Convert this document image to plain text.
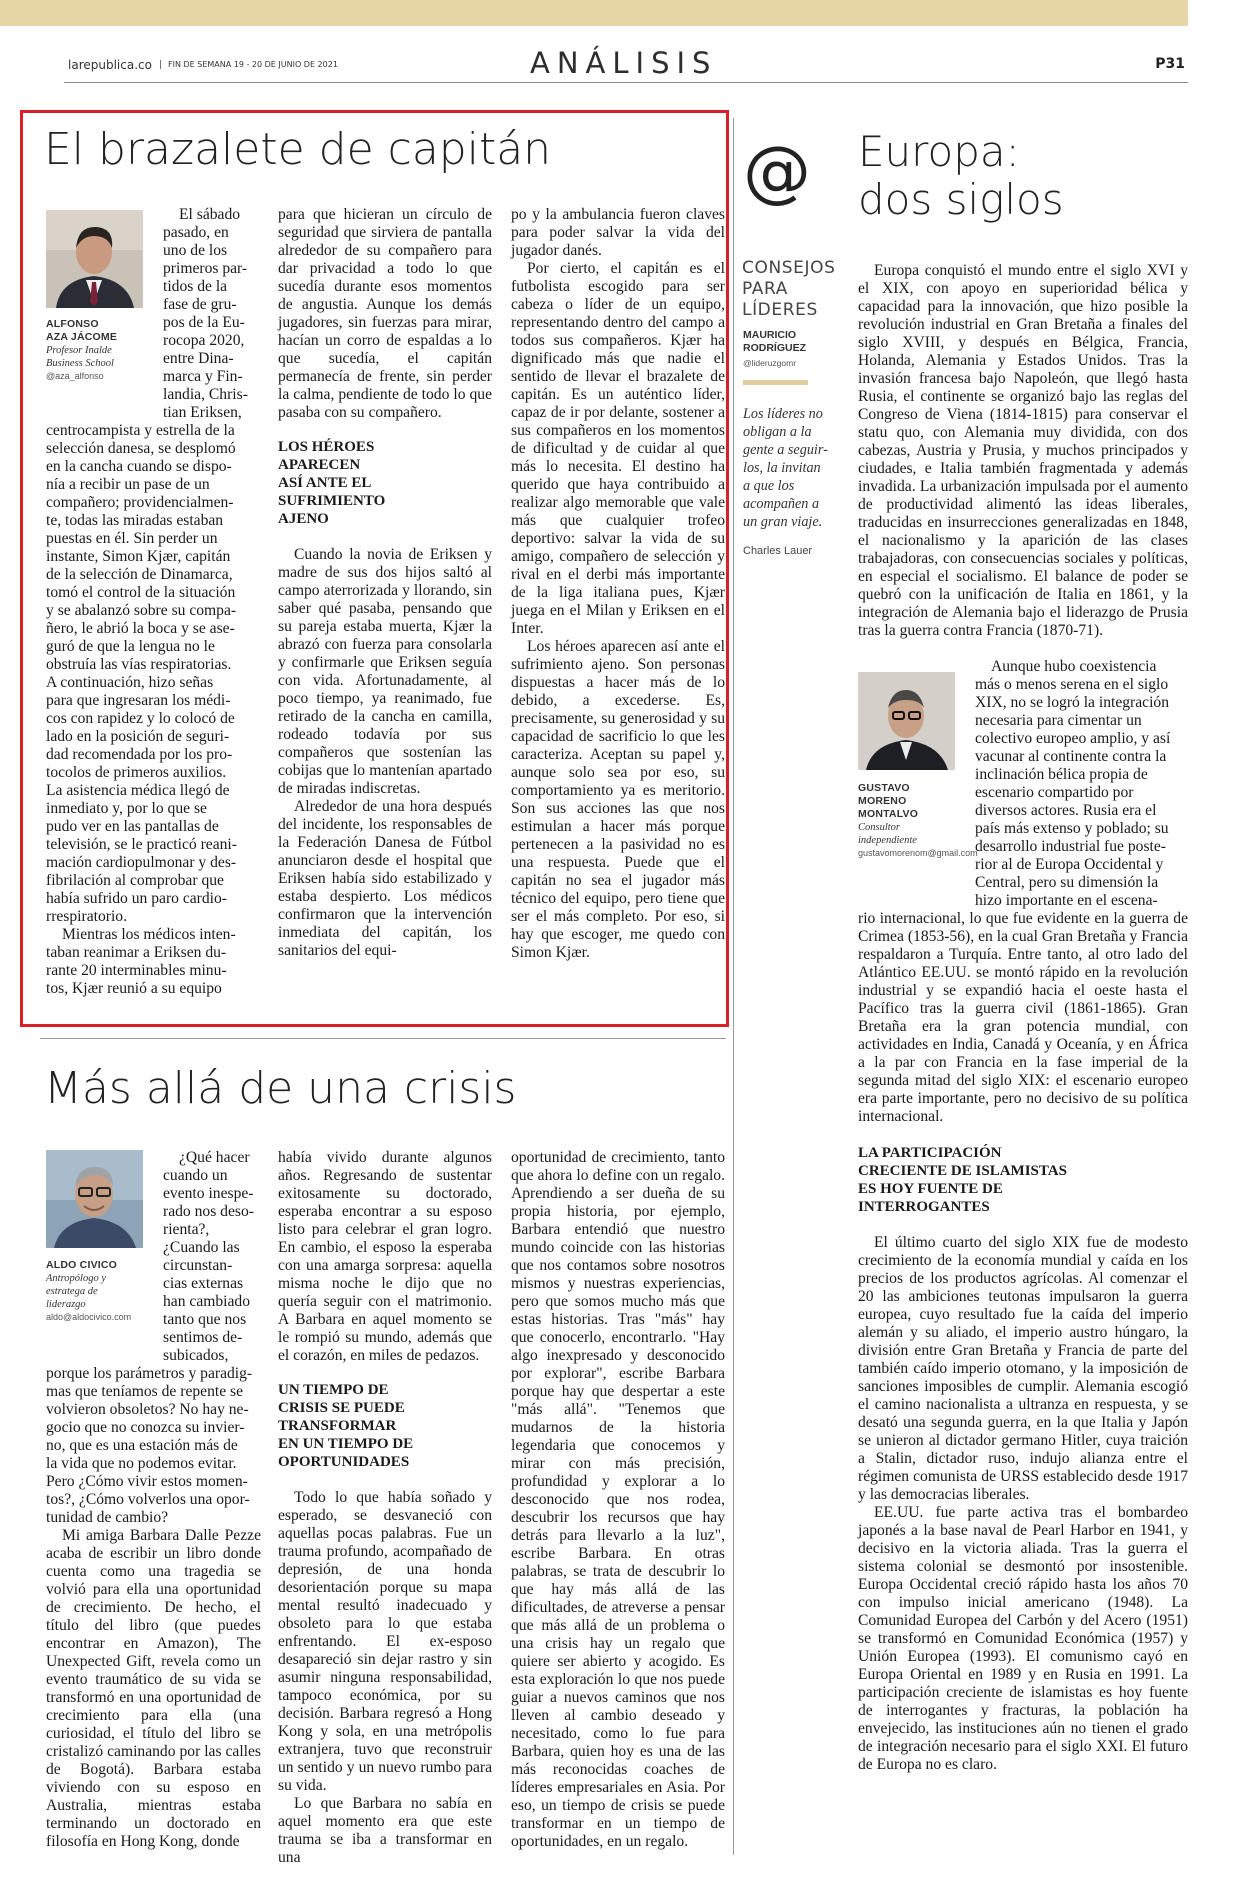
larepublica.co	FIN DE SEMANA 19 - 20 DE JUNIO DE 2021	ANÁLISIS	P31
El brazalete de capitán
ALFONSO
AZA JÁCOME
Profesor Inalde
Business School
@aza_alfonso

El sábado

pasado, en

uno de los

primeros par-

tidos de la

fase de gru-

pos de la Eu-

rocopa 2020,

entre Dina-

marca y Fin-

landia, Chris-

tian Eriksen,

centrocampista y estrella de la

selección danesa, se desplomó

en la cancha cuando se dispo-

nía a recibir un pase de un

compañero; providencialmen-

te, todas las miradas estaban

puestas en él. Sin perder un

instante, Simon Kjær, capitán

de la selección de Dinamarca,

tomó el control de la situación

y se abalanzó sobre su compa-

ñero, le abrió la boca y se ase-

guró de que la lengua no le

obstruía las vías respiratorias.

A continuación, hizo señas

para que ingresaran los médi-

cos con rapidez y lo colocó de

lado en la posición de seguri-

dad recomendada por los pro-

tocolos de primeros auxilios.

La asistencia médica llegó de

inmediato y, por lo que se

pudo ver en las pantallas de

televisión, se le practicó reani-

mación cardiopulmonar y des-

fibrilación al comprobar que

había sufrido un paro cardio-

rrespiratorio.

Mientras los médicos inten-

taban reanimar a Eriksen du-

rante 20 interminables minu-

tos, Kjær reunió a su equipo

para que hicieran un círculo de seguridad que sirviera de pantalla alrededor de su compañero para dar privacidad a todo lo que sucedía durante esos momentos de angustia. Aunque los demás jugadores, sin fuerzas para mirar, hacían un corro de espaldas a lo que sucedía, el capitán permanecía de frente, sin perder la calma, pendiente de todo lo que pasaba con su compañero.

LOS HÉROES
APARECEN
ASÍ ANTE EL
SUFRIMIENTO
AJENO

Cuando la novia de Eriksen y madre de sus dos hijos saltó al campo aterrorizada y llorando, sin saber qué pasaba, pensando que su pareja estaba muerta, Kjær la abrazó con fuerza para consolarla y confirmarle que Eriksen seguía con vida. Afortunadamente, al poco tiempo, ya reanimado, fue retirado de la cancha en camilla, rodeado todavía por sus compañeros que sostenían las cobijas que lo mantenían apartado de miradas indiscretas.

Alrededor de una hora después del incidente, los responsables de la Federación Danesa de Fútbol anunciaron desde el hospital que Eriksen había sido estabilizado y estaba despierto. Los médicos confirmaron que la intervención inmediata del capitán, los sanitarios del equi-

po y la ambulancia fueron claves para poder salvar la vida del jugador danés.

Por cierto, el capitán es el futbolista escogido para ser cabeza o líder de un equipo, representando dentro del campo a todos sus compañeros. Kjær ha dignificado más que nadie el sentido de llevar el brazalete de capitán. Es un auténtico líder, capaz de ir por delante, sostener a sus compañeros en los momentos de dificultad y de cuidar al que más lo necesita. El destino ha querido que haya contribuido a realizar algo memorable que vale más que cualquier trofeo deportivo: salvar la vida de su amigo, compañero de selección y rival en el derbi más importante de la liga italiana pues, Kjær juega en el Milan y Eriksen en el Inter.

Los héroes aparecen así ante el sufrimiento ajeno. Son personas dispuestas a hacer más de lo debido, a excederse. Es, precisamente, su generosidad y su capacidad de sacrificio lo que les caracteriza. Aceptan su papel y, aunque solo sea por eso, su comportamiento ya es meritorio. Son sus acciones las que nos estimulan a hacer más porque pertenecen a la pasividad no es una respuesta. Puede que el capitán no sea el jugador más técnico del equipo, pero tiene que ser el más completo. Por eso, si hay que escoger, me quedo con Simon Kjær.

@
CONSEJOS
PARA
LÍDERES
MAURICIO
RODRÍGUEZ
@lideruzgomr
Los líderes no
obligan a la
gente a seguir-
los, la invitan
a que los
acompañen a
un gran viaje.
Charles Lauer
Más allá de una crisis
ALDO CIVICO
Antropólogo y
estratega de
liderazgo
aldo@aldocivico.com

¿Qué hacer

cuando un

evento inespe-

rado nos deso-

rienta?,

¿Cuando las

circunstan-

cias externas

han cambiado

tanto que nos

sentimos de-

subicados,

porque los parámetros y paradig-

mas que teníamos de repente se

volvieron obsoletos? No hay ne-

gocio que no conozca su invier-

no, que es una estación más de

la vida que no podemos evitar.

Pero ¿Cómo vivir estos momen-

tos?, ¿Cómo volverlos una opor-

tunidad de cambio?

Mi amiga Barbara Dalle Pezze acaba de escribir un libro donde cuenta como una tragedia se volvió para ella una oportunidad de crecimiento. De hecho, el título del libro (que puedes encontrar en Amazon), The Unexpected Gift, revela como un evento traumático de su vida se transformó en una oportunidad de crecimiento para ella (una curiosidad, el título del libro se cristalizó caminando por las calles de Bogotá). Barbara estaba viviendo con su esposo en Australia, mientras estaba terminando un doctorado en filosofía en Hong Kong, donde

había vivido durante algunos años. Regresando de sustentar exitosamente su doctorado, esperaba encontrar a su esposo listo para celebrar el gran logro. En cambio, el esposo la esperaba con una amarga sorpresa: aquella misma noche le dijo que no quería seguir con el matrimonio. A Barbara en aquel momento se le rompió su mundo, además que el corazón, en miles de pedazos.

UN TIEMPO DE
CRISIS SE PUEDE
TRANSFORMAR
EN UN TIEMPO DE
OPORTUNIDADES

Todo lo que había soñado y esperado, se desvaneció con aquellas pocas palabras. Fue un trauma profundo, acompañado de depresión, de una honda desorientación porque su mapa mental resultó inadecuado y obsoleto para lo que estaba enfrentando. El ex-esposo desapareció sin dejar rastro y sin asumir ninguna responsabilidad, tampoco económica, por su decisión. Barbara regresó a Hong Kong y sola, en una metrópolis extranjera, tuvo que reconstruir un sentido y un nuevo rumbo para su vida.

Lo que Barbara no sabía en aquel momento era que este trauma se iba a transformar en una

oportunidad de crecimiento, tanto que ahora lo define con un regalo. Aprendiendo a ser dueña de su propia historia, por ejemplo, Barbara entendió que nuestro mundo coincide con las historias que nos contamos sobre nosotros mismos y nuestras experiencias, pero que somos mucho más que estas historias. Tras "más" hay que conocerlo, encontrarlo. "Hay algo inexpresado y desconocido por explorar", escribe Barbara porque hay que despertar a este "más allá". "Tenemos que mudarnos de la historia legendaria que conocemos y mirar con más precisión, profundidad y explorar a lo desconocido que nos rodea, descubrir los recursos que hay detrás para llevarlo a la luz", escribe Barbara. En otras palabras, se trata de descubrir lo que hay más allá de las dificultades, de atreverse a pensar que más allá de un problema o una crisis hay un regalo que quiere ser abierto y acogido. Es esta exploración lo que nos puede guiar a nuevos caminos que nos lleven al cambio deseado y necesitado, como lo fue para Barbara, quien hoy es una de las más reconocidas coaches de líderes empresariales en Asia. Por eso, un tiempo de crisis se puede transformar en un tiempo de oportunidades, en un regalo.

Europa:
dos siglos

Europa conquistó el mundo entre el siglo XVI y el XIX, con apoyo en superioridad bélica y capacidad para la innovación, que hizo posible la revolución industrial en Gran Bretaña a finales del siglo XVIII, y después en Bélgica, Francia, Holanda, Alemania y Estados Unidos. Tras la invasión francesa bajo Napoleón, que llegó hasta Rusia, el continente se organizó bajo las reglas del Congreso de Viena (1814-1815) para conservar el statu quo, con Alemania muy dividida, con dos cabezas, Austria y Prusia, y muchos principados y ciudades, e Italia también fragmentada y además invadida. La urbanización impulsada por el aumento de productividad alimentó las ideas liberales, traducidas en insurrecciones generalizadas en 1848, el nacionalismo y la aparición de las clases trabajadoras, con consecuencias sociales y políticas, en especial el socialismo. El balance de poder se quebró con la unificación de Italia en 1861, y la integración de Alemania bajo el liderazgo de Prusia tras la guerra contra Francia (1870-71).

GUSTAVO
MORENO
MONTALVO
Consultor
independiente
gustavomorenom@gmail.com

Aunque hubo coexistencia

más o menos serena en el siglo

XIX, no se logró la integración

necesaria para cimentar un

colectivo europeo amplio, y así

vacunar al continente contra la

inclinación bélica propia de

escenario compartido por

diversos actores. Rusia era el

país más extenso y poblado; su

desarrollo industrial fue poste-

rior al de Europa Occidental y

Central, pero su dimensión la

hizo importante en el escena-

rio internacional, lo que fue evidente en la guerra de Crimea (1853-56), en la cual Gran Bretaña y Francia respaldaron a Turquía. Entre tanto, al otro lado del Atlántico EE.UU. se montó rápido en la revolución industrial y se expandió hacia el oeste hasta el Pacífico tras la guerra civil (1861-1865). Gran Bretaña era la gran potencia mundial, con actividades en India, Canadá y Oceanía, y en África a la par con Francia en la fase imperial de la segunda mitad del siglo XIX: el escenario europeo era parte importante, pero no decisivo de su política internacional.

LA PARTICIPACIÓN
CRECIENTE DE ISLAMISTAS
ES HOY FUENTE DE
INTERROGANTES

El último cuarto del siglo XIX fue de modesto crecimiento de la economía mundial y caída en los precios de los productos agrícolas. Al comenzar el 20 las ambiciones teutonas impulsaron la guerra europea, cuyo resultado fue la caída del imperio alemán y su aliado, el imperio austro húngaro, la división entre Gran Bretaña y Francia de parte del también caído imperio otomano, y la imposición de sanciones imposibles de cumplir. Alemania escogió el camino nacionalista a ultranza en respuesta, y se desató una segunda guerra, en la que Italia y Japón se unieron al dictador germano Hitler, cuya traición a Stalin, dictador ruso, indujo alianza entre el régimen comunista de URSS establecido desde 1917 y las democracias liberales.

EE.UU. fue parte activa tras el bombardeo japonés a la base naval de Pearl Harbor en 1941, y decisivo en la victoria aliada. Tras la guerra el sistema colonial se desmontó por insostenible. Europa Occidental creció rápido hasta los años 70 con impulso inicial americano (1948). La Comunidad Europea del Carbón y del Acero (1951) se transformó en Comunidad Económica (1957) y Unión Europea (1993). El comunismo cayó en Europa Oriental en 1989 y en Rusia en 1991. La participación creciente de islamistas es hoy fuente de interrogantes y fracturas, la población ha envejecido, las instituciones aún no tienen el grado de integración necesario para el siglo XXI. El futuro de Europa no es claro.
